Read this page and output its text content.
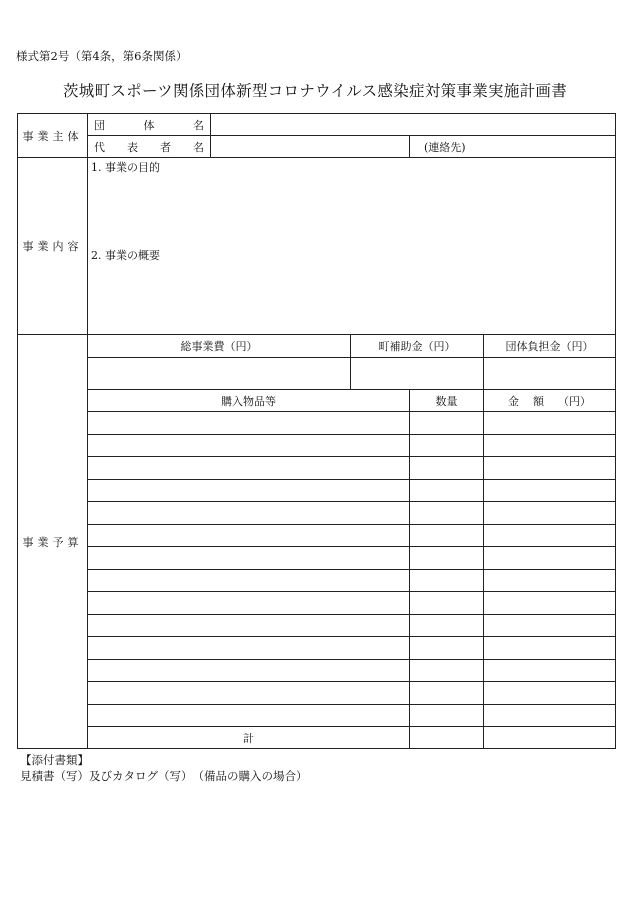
様式第2号（第4条，第6条関係）
茨城町スポーツ関係団体新型コロナウイルス感染症対策事業実施計画書
事業主体	団 体 名				

	代 表 者 名			(連絡先)	
事業内容	1. 事業の目的
2. 事業の概要				

事業予算	総事業費（円）		町補助金（円）		団体負担金（円）

	購入物品等			数量	金 額 （円）

	計				
【添付書類】
見積書（写）及びカタログ（写）　（備品の購入の場合）
